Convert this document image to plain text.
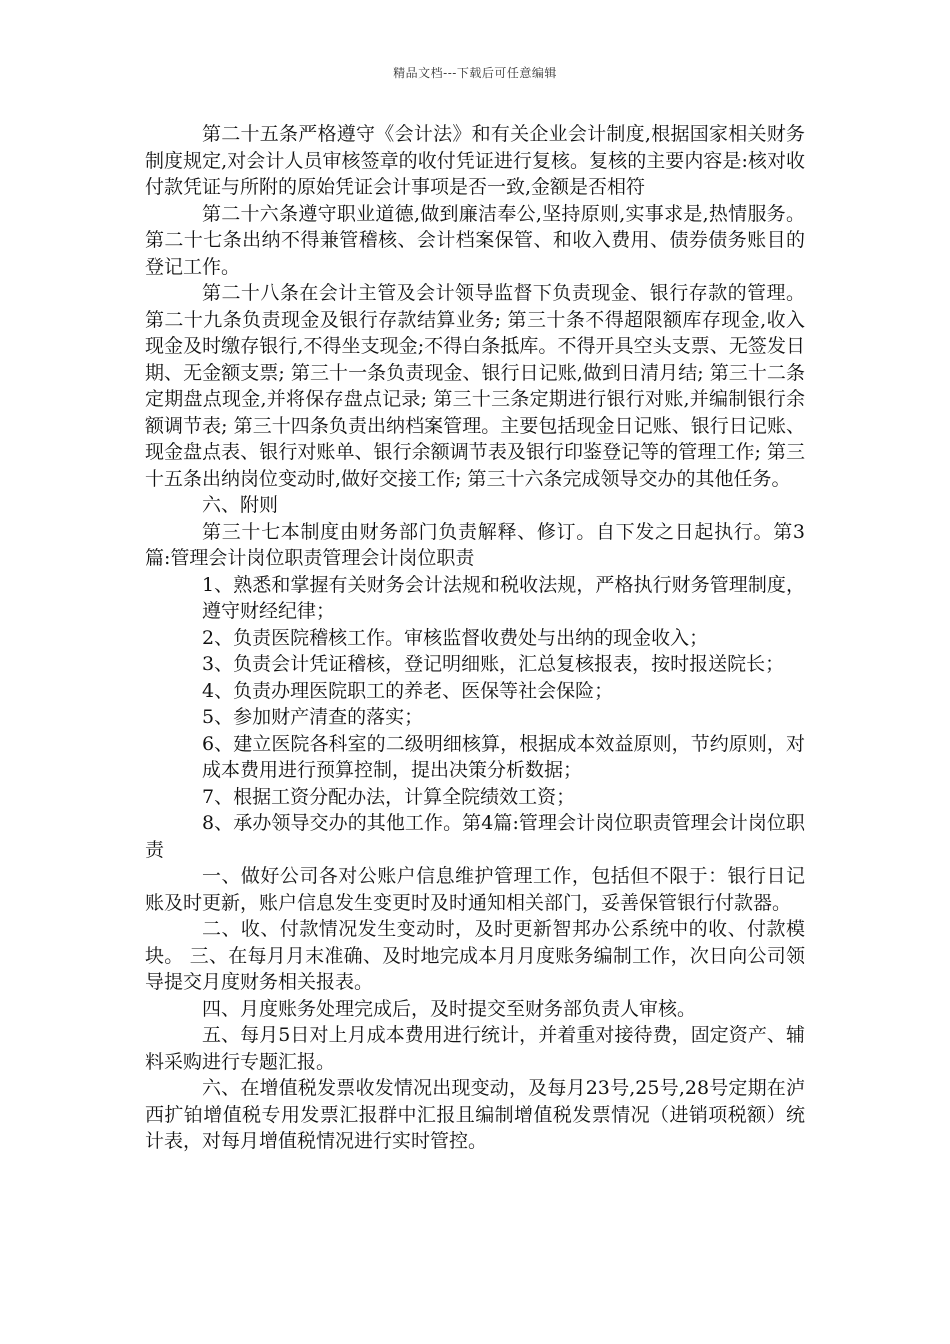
精品文档---下载后可任意编辑

第二十五条严格遵守《会计法》和有关企业会计制度,根据国家相关财务制度规定,对会计人员审核签章的收付凭证进行复核。复核的主要内容是:核对收付款凭证与所附的原始凭证会计事项是否一致,金额是否相符

第二十六条遵守职业道德,做到廉洁奉公,坚持原则,实事求是,热情服务。 第二十七条出纳不得兼管稽核、会计档案保管、和收入费用、债券债务账目的登记工作。

第二十八条在会计主管及会计领导监督下负责现金、银行存款的管理。 第二十九条负责现金及银行存款结算业务; 第三十条不得超限额库存现金,收入现金及时缴存银行,不得坐支现金;不得白条抵库。不得开具空头支票、无签发日期、无金额支票; 第三十一条负责现金、银行日记账,做到日清月结; 第三十二条定期盘点现金,并将保存盘点记录; 第三十三条定期进行银行对账,并编制银行余额调节表; 第三十四条负责出纳档案管理。主要包括现金日记账、银行日记账、现金盘点表、银行对账单、银行余额调节表及银行印鉴登记等的管理工作; 第三十五条出纳岗位变动时,做好交接工作; 第三十六条完成领导交办的其他任务。

六、附则

第三十七本制度由财务部门负责解释、修订。自下发之日起执行。第3篇:管理会计岗位职责管理会计岗位职责

1、熟悉和掌握有关财务会计法规和税收法规，严格执行财务管理制度，遵守财经纪律；

2、负责医院稽核工作。审核监督收费处与出纳的现金收入；

3、负责会计凭证稽核，登记明细账，汇总复核报表，按时报送院长；

4、负责办理医院职工的养老、医保等社会保险；

5、参加财产清查的落实；

6、建立医院各科室的二级明细核算，根据成本效益原则，节约原则，对成本费用进行预算控制，提出决策分析数据；

7、根据工资分配办法，计算全院绩效工资；

8、承办领导交办的其他工作。第4篇:管理会计岗位职责管理会计岗位职责

一、做好公司各对公账户信息维护管理工作，包括但不限于：银行日记账及时更新，账户信息发生变更时及时通知相关部门，妥善保管银行付款器。

二、收、付款情况发生变动时，及时更新智邦办公系统中的收、付款模块。 三、在每月月末准确、及时地完成本月月度账务编制工作，次日向公司领导提交月度财务相关报表。

四、月度账务处理完成后，及时提交至财务部负责人审核。

五、每月5日对上月成本费用进行统计，并着重对接待费，固定资产、辅料采购进行专题汇报。

六、在增值税发票收发情况出现变动，及每月23号,25号,28号定期在泸西扩铂增值税专用发票汇报群中汇报且编制增值税发票情况（进销项税额）统计表，对每月增值税情况进行实时管控。
